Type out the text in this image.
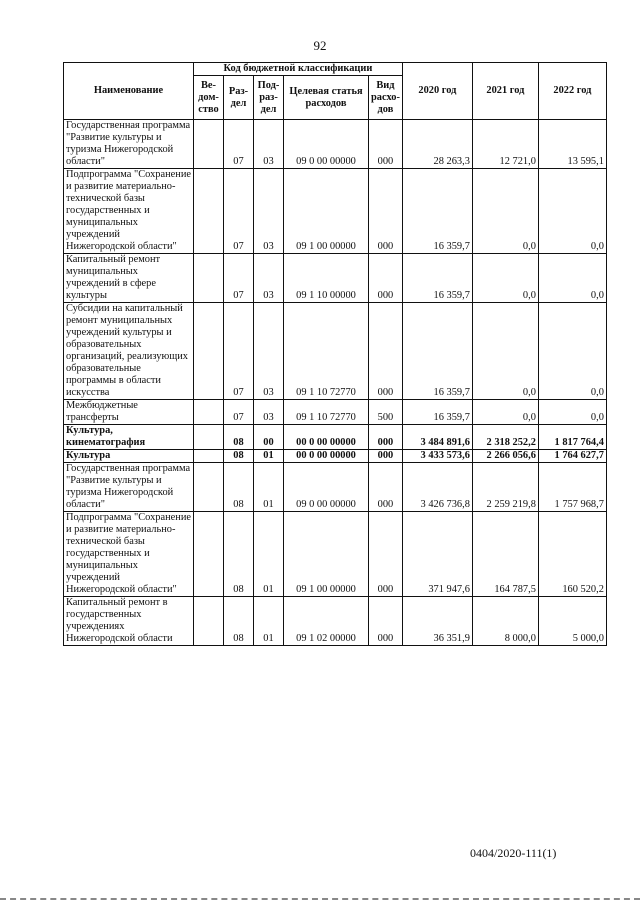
92
Наименование	Код бюджетной классификации					2020 год	2021 год	2022 год
	Ве-дом-ство	Раз-дел	Под-раз-дел	Целевая статья расходов	Вид расхо-дов			
Государственная программа "Развитие культуры и туризма Нижегородской области"		07	03	09 0 00 00000	000	28 263,3	12 721,0	13 595,1
Подпрограмма "Сохранение и развитие материально-технической базы государственных и муниципальных учреждений Нижегородской области"		07	03	09 1 00 00000	000	16 359,7	0,0	0,0
Капитальный ремонт муниципальных учреждений в сфере культуры		07	03	09 1 10 00000	000	16 359,7	0,0	0,0
Субсидии на капитальный ремонт муниципальных учреждений культуры и образовательных организаций, реализующих образовательные программы в области искусства		07	03	09 1 10 72770	000	16 359,7	0,0	0,0
Межбюджетные трансферты		07	03	09 1 10 72770	500	16 359,7	0,0	0,0
Культура, кинематография		08	00	00 0 00 00000	000	3 484 891,6	2 318 252,2	1 817 764,4
Культура		08	01	00 0 00 00000	000	3 433 573,6	2 266 056,6	1 764 627,7
Государственная программа "Развитие культуры и туризма Нижегородской области"		08	01	09 0 00 00000	000	3 426 736,8	2 259 219,8	1 757 968,7
Подпрограмма "Сохранение и развитие материально-технической базы государственных и муниципальных учреждений Нижегородской области"		08	01	09 1 00 00000	000	371 947,6	164 787,5	160 520,2
Капитальный ремонт в государственных учреждениях Нижегородской области		08	01	09 1 02 00000	000	36 351,9	8 000,0	5 000,0
0404/2020-111(1)
